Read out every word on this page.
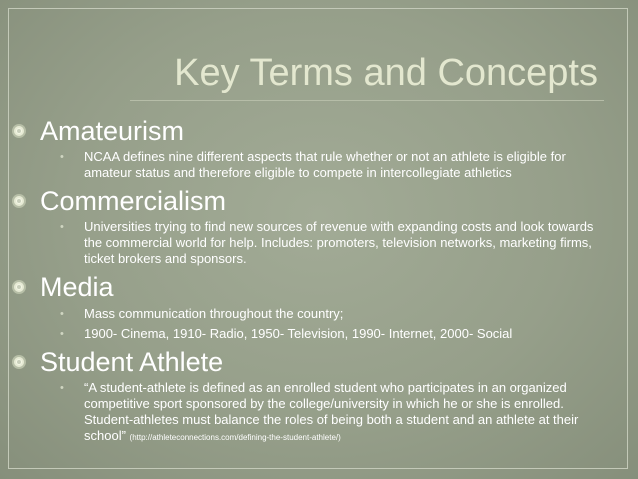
Key Terms and Concepts
Amateurism
• NCAA defines nine different aspects that rule whether or not an athlete is eligible for amateur status and therefore eligible to compete in intercollegiate athletics
Commercialism
• Universities trying to find new sources of revenue with expanding costs and look towards the commercial world for help. Includes: promoters, television networks, marketing firms, ticket brokers and sponsors.
Media
• Mass communication throughout the country;
• 1900- Cinema, 1910- Radio, 1950- Television, 1990- Internet, 2000- Social
Student Athlete
• “A student-athlete is defined as an enrolled student who participates in an organized competitive sport sponsored by the college/university in which he or she is enrolled. Student-athletes must balance the roles of being both a student and an athlete at their school” (http://athleteconnections.com/defining-the-student-athlete/)
